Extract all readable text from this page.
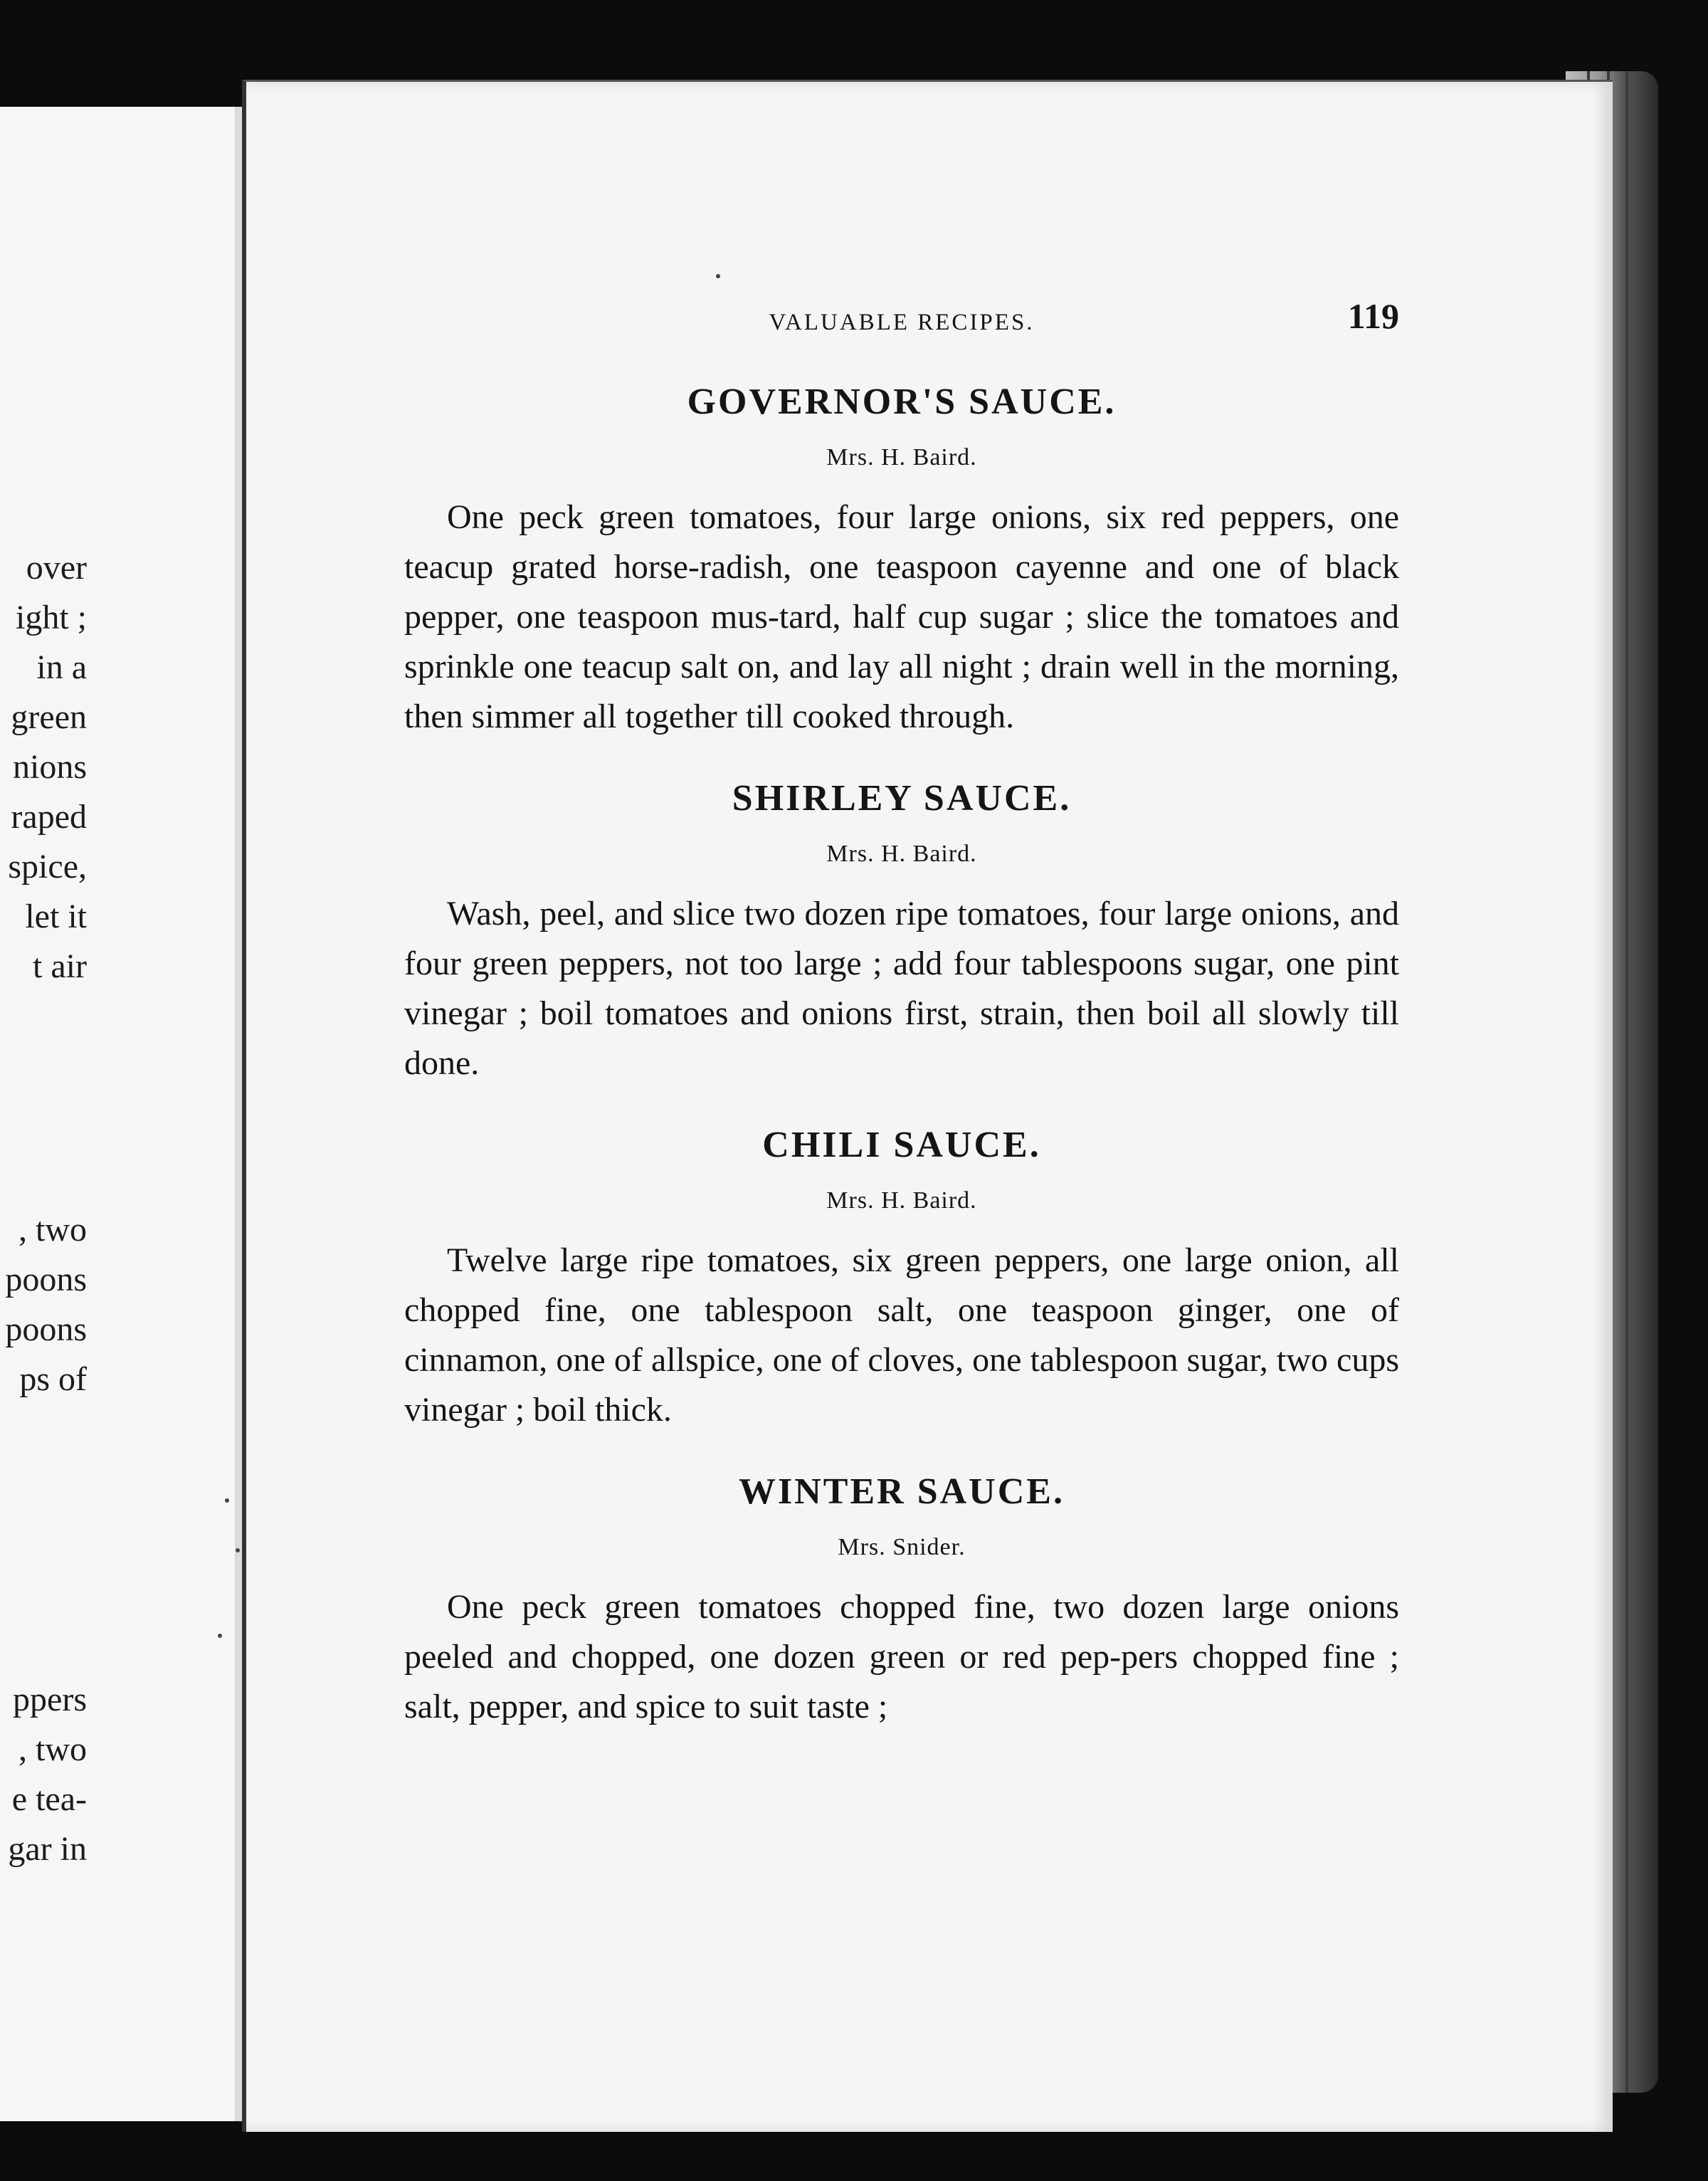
over
ight ;
in a
green
nions
raped
spice,
let it
t air
, two
poons
poons
ps of
ppers
, two
e tea-
gar in
VALUABLE RECIPES.	119
GOVERNOR'S SAUCE.

Mrs. H. Baird.

One peck green tomatoes, four large onions, six red peppers, one teacup grated horse-radish, one teaspoon cayenne and one of black pepper, one teaspoon mus-tard, half cup sugar ; slice the tomatoes and sprinkle one teacup salt on, and lay all night ; drain well in the morning, then simmer all together till cooked through.

SHIRLEY SAUCE.

Mrs. H. Baird.

Wash, peel, and slice two dozen ripe tomatoes, four large onions, and four green peppers, not too large ; add four tablespoons sugar, one pint vinegar ; boil tomatoes and onions first, strain, then boil all slowly till done.

CHILI SAUCE.

Mrs. H. Baird.

Twelve large ripe tomatoes, six green peppers, one large onion, all chopped fine, one tablespoon salt, one teaspoon ginger, one of cinnamon, one of allspice, one of cloves, one tablespoon sugar, two cups vinegar ; boil thick.

WINTER SAUCE.

Mrs. Snider.

One peck green tomatoes chopped fine, two dozen large onions peeled and chopped, one dozen green or red pep-pers chopped fine ; salt, pepper, and spice to suit taste ;
